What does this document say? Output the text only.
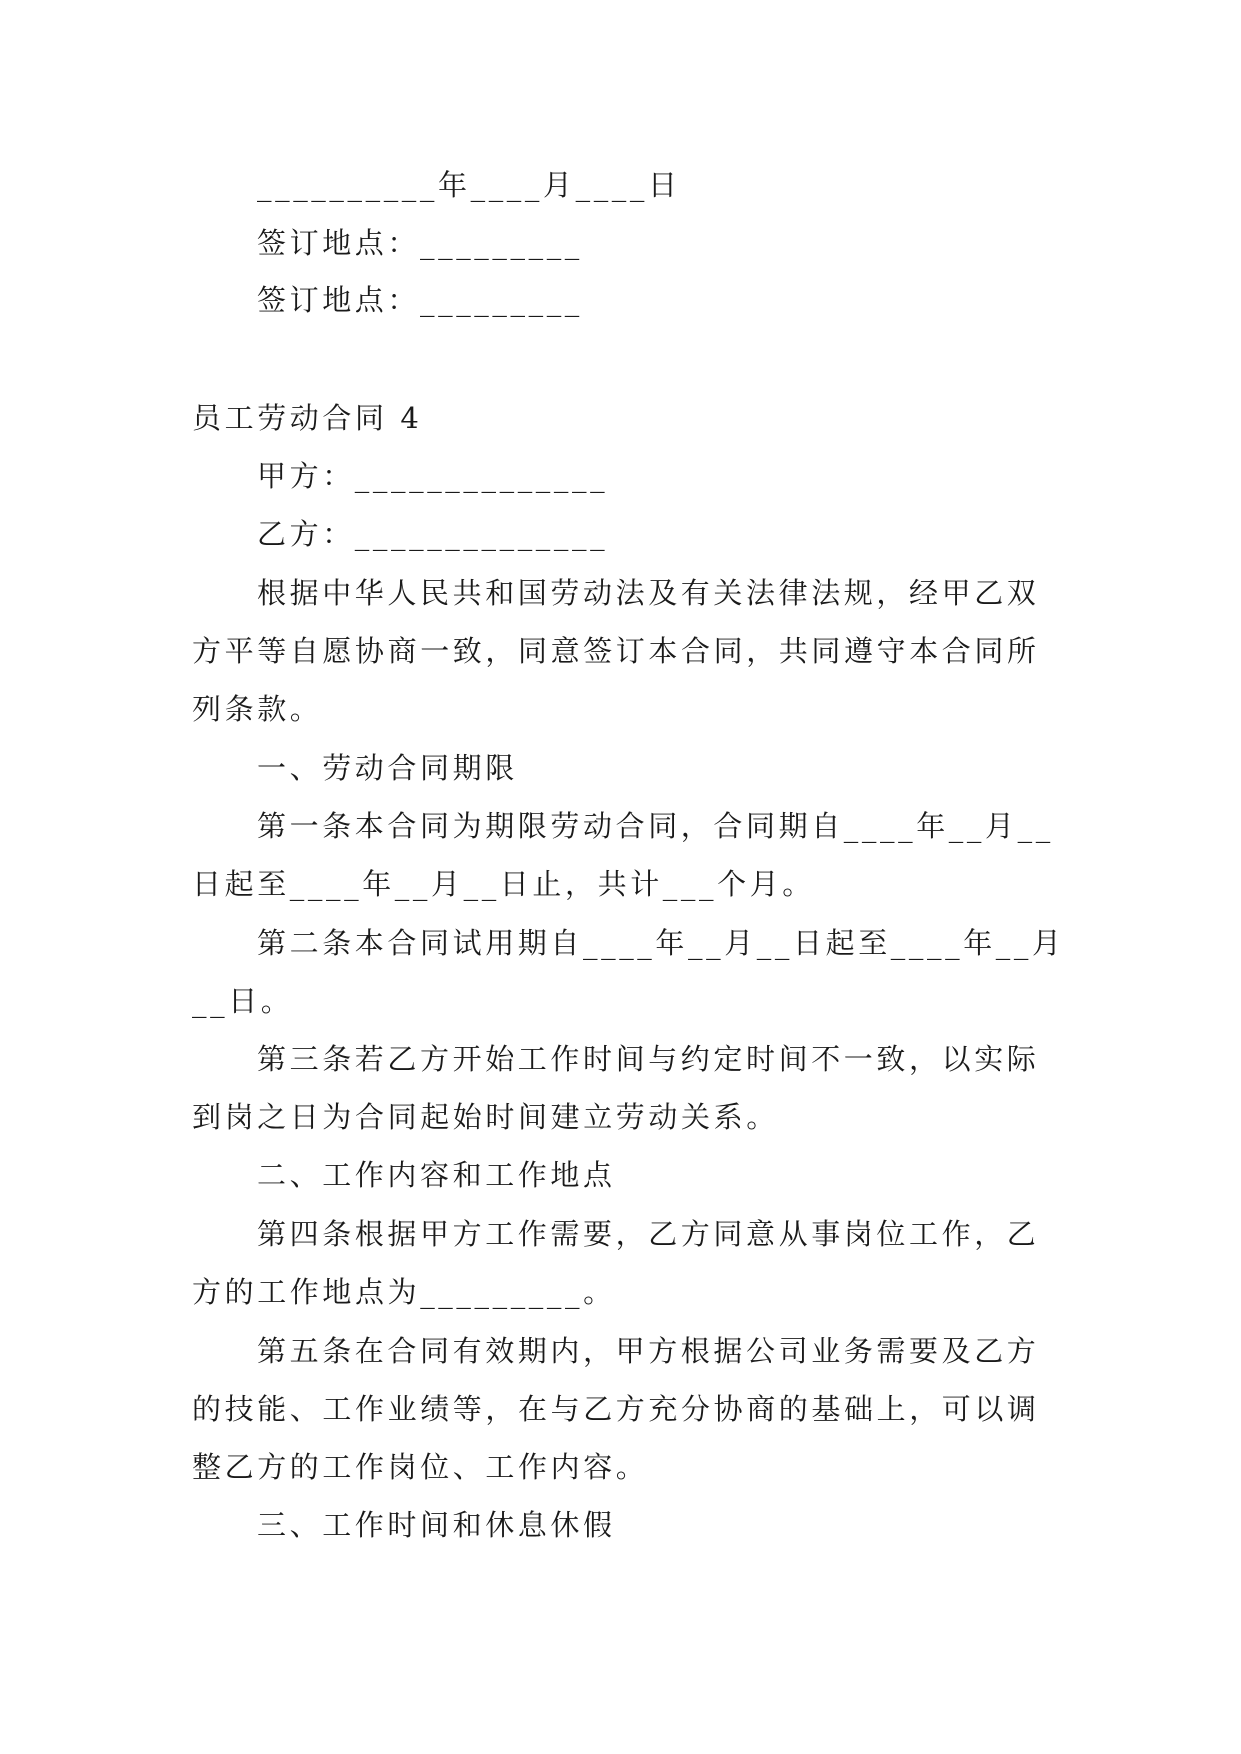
__________年____月____日
签订地点：_________
签订地点：_________
员工劳动合同 4
甲方：______________
乙方：______________
根据中华人民共和国劳动法及有关法律法规，经甲乙双
方平等自愿协商一致，同意签订本合同，共同遵守本合同所
列条款。
一、劳动合同期限
第一条本合同为期限劳动合同，合同期自____年__月__
日起至____年__月__日止，共计___个月。
第二条本合同试用期自____年__月__日起至____年__月
__日。
第三条若乙方开始工作时间与约定时间不一致，以实际
到岗之日为合同起始时间建立劳动关系。
二、工作内容和工作地点
第四条根据甲方工作需要，乙方同意从事岗位工作，乙
方的工作地点为_________。
第五条在合同有效期内，甲方根据公司业务需要及乙方
的技能、工作业绩等，在与乙方充分协商的基础上，可以调
整乙方的工作岗位、工作内容。
三、工作时间和休息休假
